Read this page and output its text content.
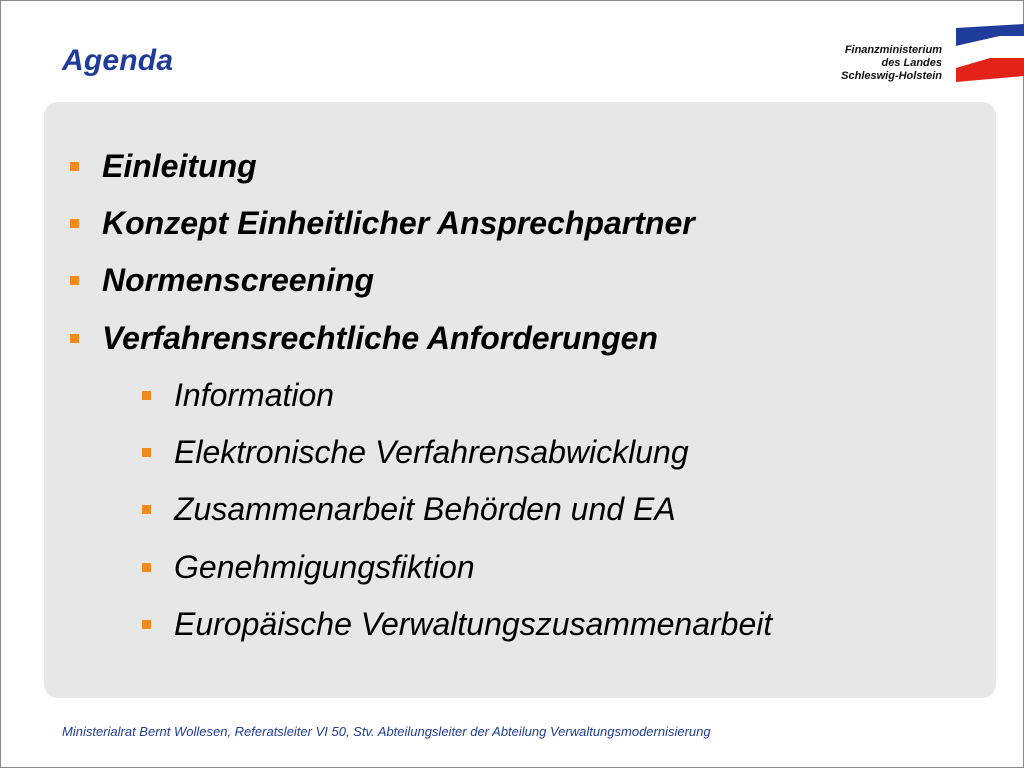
Agenda	Finanzministerium
des Landes
Schleswig-Holstein
Einleitung
Konzept Einheitlicher Ansprechpartner
Normenscreening
Verfahrensrechtliche Anforderungen
Information
Elektronische Verfahrensabwicklung
Zusammenarbeit Behörden und EA
Genehmigungsfiktion
Europäische Verwaltungszusammenarbeit
Ministerialrat Bernt Wollesen, Referatsleiter VI 50, Stv. Abteilungsleiter der Abteilung Verwaltungsmodernisierung
